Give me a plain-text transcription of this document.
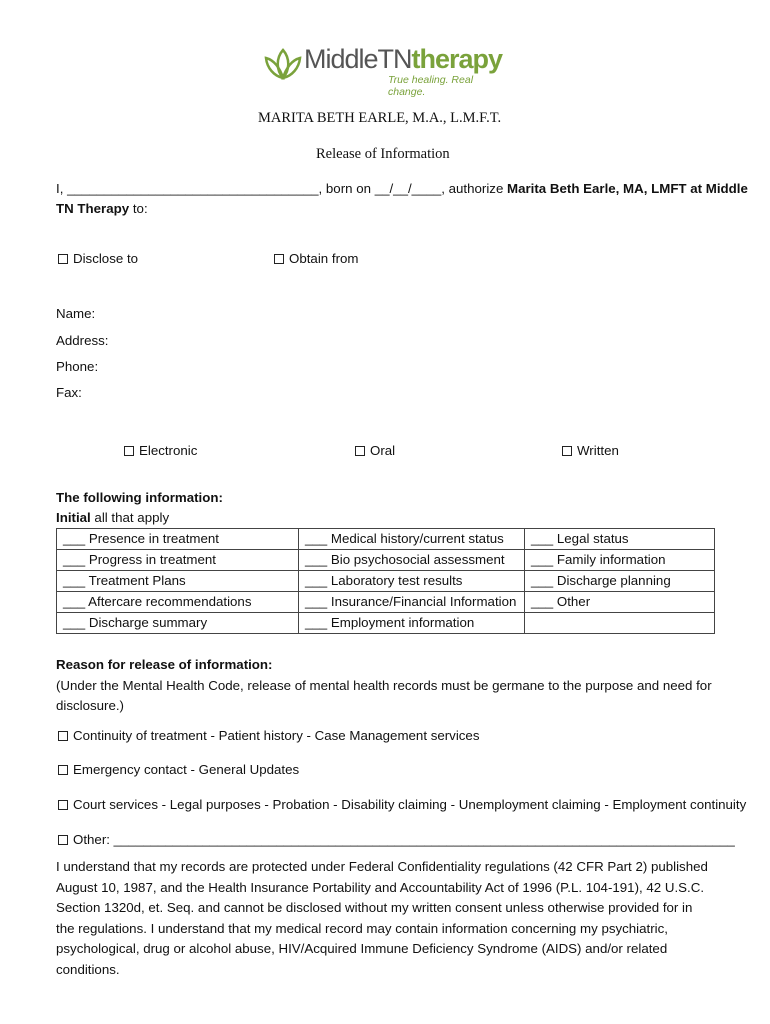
MiddleTNtherapy
True healing. Real change.
MARITA BETH EARLE, M.A., L.M.F.T.
Release of Information
I, __________________________________, born on __/__/____, authorize Marita Beth Earle, MA, LMFT at Middle
TN Therapy to:
Disclose to	Obtain from
Name:
Address:
Phone:
Fax:
Electronic	Oral	Written
The following information:
Initial all that apply
___ Presence in treatment	___ Medical history/current status	___ Legal status
___ Progress in treatment	___ Bio psychosocial assessment	___ Family information
___ Treatment Plans	___ Laboratory test results	___ Discharge planning
___ Aftercare recommendations	___ Insurance/Financial Information	___ Other
___ Discharge summary	___ Employment information	
Reason for release of information:
(Under the Mental Health Code, release of mental health records must be germane to the purpose and need for
disclosure.)
Continuity of treatment - Patient history - Case Management services
Emergency contact - General Updates
Court services - Legal purposes - Probation - Disability claiming - Unemployment claiming - Employment continuity
Other: ____________________________________________________________________________________
I understand that my records are protected under Federal Confidentiality regulations (42 CFR Part 2) published August 10, 1987, and the Health Insurance Portability and Accountability Act of 1996 (P.L. 104-191), 42 U.S.C. Section 1320d, et. Seq. and cannot be disclosed without my written consent unless otherwise provided for in the regulations. I understand that my medical record may contain information concerning my psychiatric, psychological, drug or alcohol abuse, HIV/Acquired Immune Deficiency Syndrome (AIDS) and/or related conditions.
